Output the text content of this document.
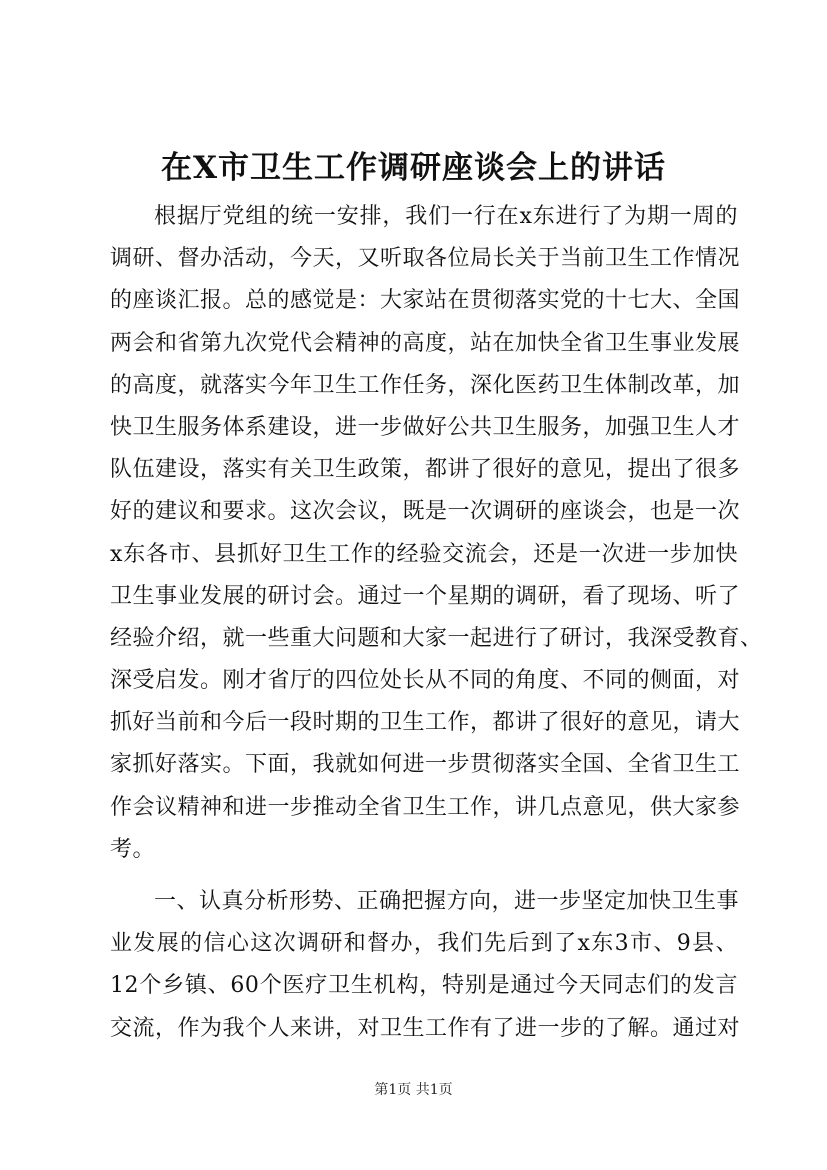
在X市卫生工作调研座谈会上的讲话
根据厅党组的统一安排，我们一行在x东进行了为期一周的
调研、督办活动，今天，又听取各位局长关于当前卫生工作情况
的座谈汇报。总的感觉是：大家站在贯彻落实党的十七大、全国
两会和省第九次党代会精神的高度，站在加快全省卫生事业发展
的高度，就落实今年卫生工作任务，深化医药卫生体制改革，加
快卫生服务体系建设，进一步做好公共卫生服务，加强卫生人才
队伍建设，落实有关卫生政策，都讲了很好的意见，提出了很多
好的建议和要求。这次会议，既是一次调研的座谈会，也是一次
x东各市、县抓好卫生工作的经验交流会，还是一次进一步加快
卫生事业发展的研讨会。通过一个星期的调研，看了现场、听了
经验介绍，就一些重大问题和大家一起进行了研讨，我深受教育、
深受启发。刚才省厅的四位处长从不同的角度、不同的侧面，对
抓好当前和今后一段时期的卫生工作，都讲了很好的意见，请大
家抓好落实。下面，我就如何进一步贯彻落实全国、全省卫生工
作会议精神和进一步推动全省卫生工作，讲几点意见，供大家参
考。
一、认真分析形势、正确把握方向，进一步坚定加快卫生事
业发展的信心这次调研和督办，我们先后到了x东3市、9县、
12个乡镇、60个医疗卫生机构，特别是通过今天同志们的发言
交流，作为我个人来讲，对卫生工作有了进一步的了解。通过对
第1页 共1页
